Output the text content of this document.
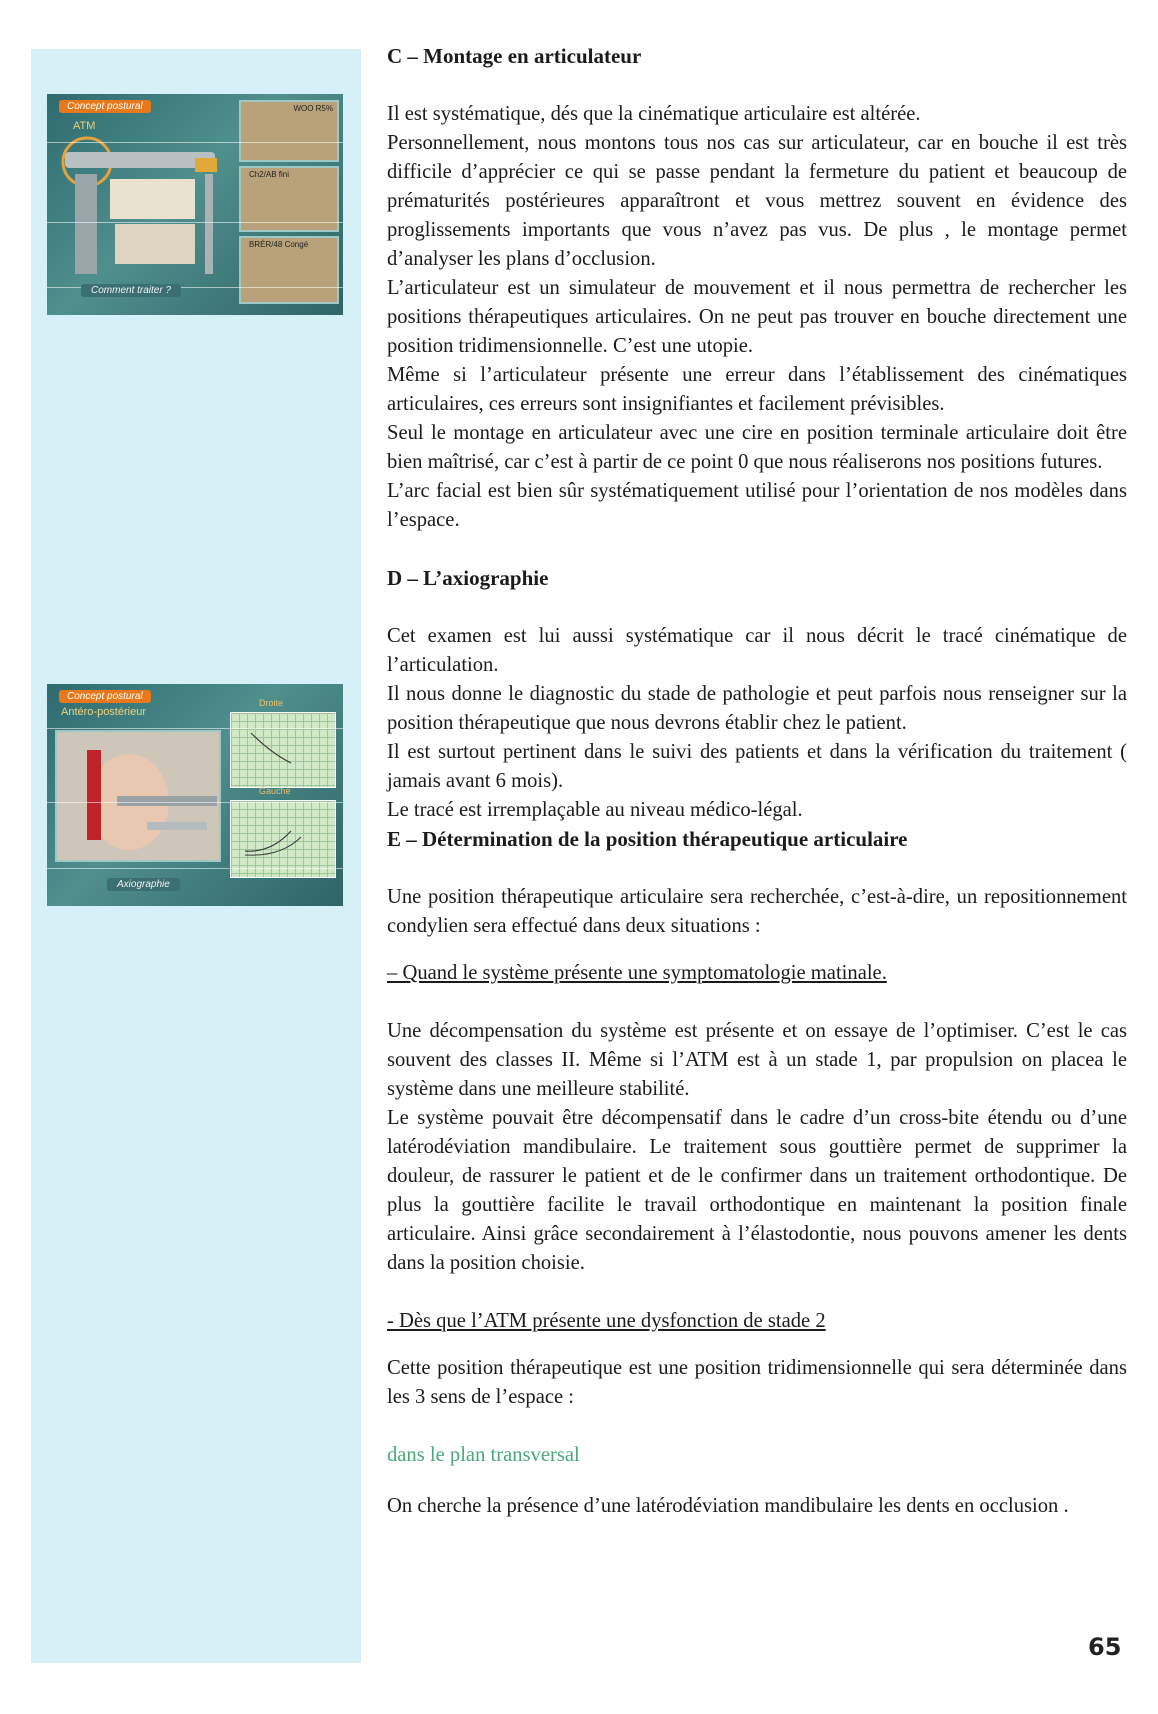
Concept postural
ATM
WOO R5%
Ch2/AB fini
BRÉR/48 Congé
Comment traiter ?
Concept postural
Antéro-postérieur
Droite
Gauche
Axiographie
C – Montage en articulateur

Il est systématique, dés que la cinématique articulaire est altérée.

Personnellement, nous montons tous nos cas sur articulateur, car en bouche il est très difficile d’apprécier ce qui se passe pendant la fermeture du patient et beaucoup de prématurités postérieures apparaîtront et vous mettrez souvent en évidence des proglissements importants que vous n’avez pas vus. De plus , le montage permet d’analyser les plans d’occlusion.

L’articulateur est un simulateur de mouvement et il nous permettra de rechercher les positions thérapeutiques articulaires. On ne peut pas trouver en bouche directement une position tridimensionnelle. C’est une utopie.

Même si l’articulateur présente une erreur dans l’établissement des cinématiques articulaires, ces erreurs sont insignifiantes et facilement prévisibles.

Seul le montage en articulateur avec une cire en position terminale articulaire doit être bien maîtrisé, car c’est à partir de ce point 0 que nous réaliserons nos positions futures.

L’arc facial est bien sûr systématiquement utilisé pour l’orientation de nos modèles dans l’espace.

D – L’axiographie

Cet examen est lui aussi systématique car il nous décrit le tracé cinématique de l’articulation.

Il nous donne le diagnostic du stade de pathologie et peut parfois nous renseigner sur la position thérapeutique que nous devrons établir chez le patient.

Il est surtout pertinent dans le suivi des patients et dans la vérification du traitement ( jamais avant 6 mois).

Le tracé est irremplaçable au niveau médico-légal.

E – Détermination de la position thérapeutique articulaire

Une position thérapeutique articulaire sera recherchée, c’est-à-dire, un repositionnement condylien sera effectué dans deux situations :

– Quand le système présente une symptomatologie matinale.

Une décompensation du système est présente et on essaye de l’optimiser. C’est le cas souvent des classes II. Même si l’ATM est à un stade 1, par propulsion on placea le système dans une meilleure stabilité.

Le système pouvait être décompensatif dans le cadre d’un cross-bite étendu ou d’une latérodéviation mandibulaire. Le traitement sous gouttière permet de supprimer la douleur, de rassurer le patient et de le confirmer dans un traitement orthodontique. De plus la gouttière facilite le travail orthodontique en maintenant la position finale articulaire. Ainsi grâce secondairement à l’élastodontie, nous pouvons amener les dents dans la position choisie.

- Dès que l’ATM présente une dysfonction de stade 2

Cette position thérapeutique est une position tridimensionnelle qui sera déterminée dans les 3 sens de l’espace :

dans le plan transversal

On cherche la présence d’une latérodéviation mandibulaire les dents en occlusion .

65
